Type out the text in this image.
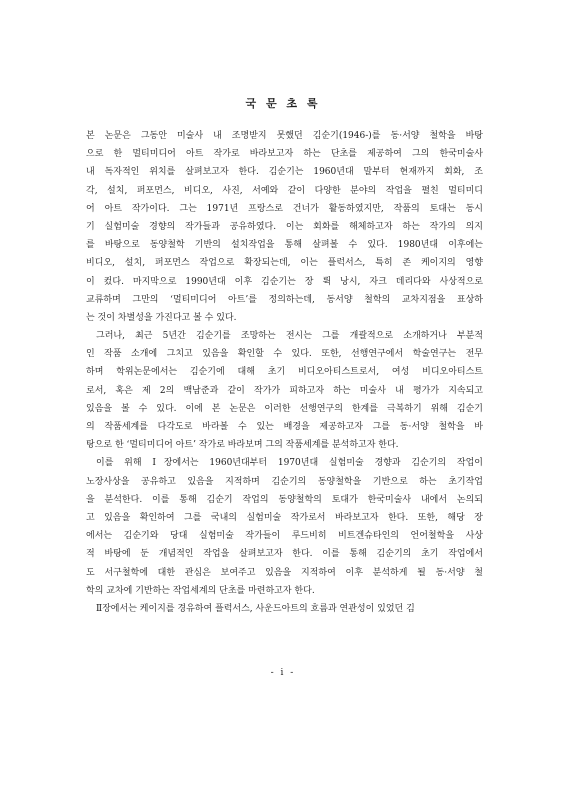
국 문 초 록
본 논문은 그동안 미술사 내 조명받지 못했던 김순기(1946-)를 동·서양 철학을 바탕
으로 한 멀티미디어 아트 작가로 바라보고자 하는 단초를 제공하여 그의 한국미술사
내 독자적인 위치를 살펴보고자 한다. 김순기는 1960년대 말부터 현재까지 회화, 조
각, 설치, 퍼포먼스, 비디오, 사진, 서예와 같이 다양한 분야의 작업을 펼친 멀티미디
어 아트 작가이다. 그는 1971년 프랑스로 건너가 활동하였지만, 작품의 토대는 동시
기 실험미술 경향의 작가들과 공유하였다. 이는 회화를 해체하고자 하는 작가의 의지
를 바탕으로 동양철학 기반의 설치작업을 통해 살펴볼 수 있다. 1980년대 이후에는
비디오, 설치, 퍼포먼스 작업으로 확장되는데, 이는 플럭서스, 특히 존 케이지의 영향
이 컸다. 마지막으로 1990년대 이후 김순기는 장 뤽 낭시, 자크 데리다와 사상적으로
교류하며 그만의 ‘멀티미디어 아트’를 정의하는데, 동서양 철학의 교차지점을 표상하
는 것이 차별성을 가진다고 볼 수 있다.
그러나, 최근 5년간 김순기를 조망하는 전시는 그를 개괄적으로 소개하거나 부분적
인 작품 소개에 그치고 있음을 확인할 수 있다. 또한, 선행연구에서 학술연구는 전무
하며 학위논문에서는 김순기에 대해 초기 비디오아티스트로서, 여성 비디오아티스트
로서, 혹은 제 2의 백남준과 같이 작가가 피하고자 하는 미술사 내 평가가 지속되고
있음을 볼 수 있다. 이에 본 논문은 이러한 선행연구의 한계를 극복하기 위해 김순기
의 작품세계를 다각도로 바라볼 수 있는 배경을 제공하고자 그를 동·서양 철학을 바
탕으로 한 ‘멀티미디어 아트’ 작가로 바라보며 그의 작품세계를 분석하고자 한다.
이를 위해 Ⅰ장에서는 1960년대부터 1970년대 실험미술 경향과 김순기의 작업이
노장사상을 공유하고 있음을 지적하며 김순기의 동양철학을 기반으로 하는 초기작업
을 분석한다. 이를 통해 김순기 작업의 동양철학의 토대가 한국미술사 내에서 논의되
고 있음을 확인하여 그를 국내의 실험미술 작가로서 바라보고자 한다. 또한, 해당 장
에서는 김순기와 당대 실험미술 작가들이 루드비히 비트겐슈타인의 언어철학을 사상
적 바탕에 둔 개념적인 작업을 살펴보고자 한다. 이를 통해 김순기의 초기 작업에서
도 서구철학에 대한 관심은 보여주고 있음을 지적하여 이후 분석하게 될 동·서양 철
학의 교차에 기반하는 작업세계의 단초를 마련하고자 한다.
Ⅱ장에서는 케이지를 경유하여 플럭서스, 사운드아트의 흐름과 연관성이 있었던 김
- i -
